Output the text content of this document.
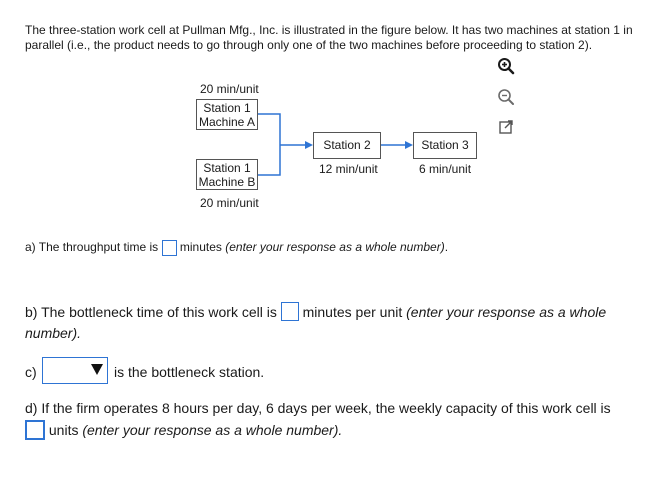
The three-station work cell at Pullman Mfg., Inc. is illustrated in the figure below. It has two machines at station 1 in
parallel (i.e., the product needs to go through only one of the two machines before proceeding to station 2).
20 min/unit
Station 1
Machine A
Station 1
Machine B
20 min/unit
Station 2
12 min/unit
Station 3
6 min/unit
a) The throughput time is minutes (enter your response as a whole number).
b) The bottleneck time of this work cell is minutes per unit (enter your response as a whole
number).
c)	is the bottleneck station.
d) If the firm operates 8 hours per day, 6 days per week, the weekly capacity of this work cell is
units (enter your response as a whole number).
